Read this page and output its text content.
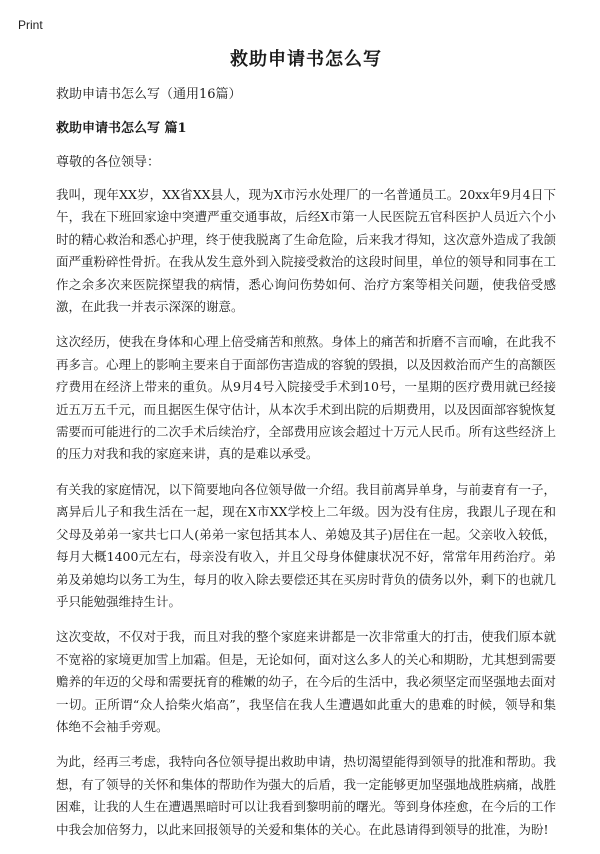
Print
救助申请书怎么写

救助申请书怎么写（通用16篇）

救助申请书怎么写 篇1

尊敬的各位领导：

我叫，现年XX岁，XX省XX县人，现为X市污水处理厂的一名普通员工。20xx年9月4日下午，我在下班回家途中突遭严重交通事故，后经X市第一人民医院五官科医护人员近六个小时的精心救治和悉心护理，终于使我脱离了生命危险，后来我才得知，这次意外造成了我颌面严重粉碎性骨折。在我从发生意外到入院接受救治的这段时间里，单位的领导和同事在工作之余多次来医院探望我的病情，悉心询问伤势如何、治疗方案等相关问题，使我倍受感激，在此我一并表示深深的谢意。

这次经历，使我在身体和心理上倍受痛苦和煎熬。身体上的痛苦和折磨不言而喻，在此我不再多言。心理上的影响主要来自于面部伤害造成的容貌的毁損，以及因救治而产生的高额医疗费用在经济上带来的重负。从9月4号入院接受手术到10号，一星期的医疗费用就已经接近五万五千元，而且据医生保守估计，从本次手术到出院的后期费用，以及因面部容貌恢复需要而可能进行的二次手术后续治疗，全部费用应该会超过十万元人民币。所有这些经济上的压力对我和我的家庭来讲，真的是难以承受。

有关我的家庭情况，以下简要地向各位领导做一介绍。我目前离异单身，与前妻育有一子，离异后儿子和我生活在一起，现在X市XX学校上二年级。因为没有住房，我跟儿子现在和父母及弟弟一家共七口人(弟弟一家包括其本人、弟媳及其子)居住在一起。父亲收入较低，每月大概1400元左右，母亲没有收入，并且父母身体健康状况不好，常常年用药治疗。弟弟及弟媳均以务工为生，每月的收入除去要偿还其在买房时背负的债务以外，剩下的也就几乎只能勉强维持生计。

这次变故，不仅对于我，而且对我的整个家庭来讲都是一次非常重大的打击，使我们原本就不宽裕的家境更加雪上加霜。但是，无论如何，面对这么多人的关心和期盼，尤其想到需要赡养的年迈的父母和需要抚育的稚嫩的幼子，在今后的生活中，我必须坚定而坚强地去面对一切。正所谓“众人拾柴火焰高”，我坚信在我人生遭遇如此重大的患难的时候，领导和集体绝不会袖手旁观。

为此，经再三考虑，我特向各位领导提出救助申请，热切渴望能得到领导的批准和帮助。我想，有了领导的关怀和集体的帮助作为强大的后盾，我一定能够更加坚强地战胜病痛，战胜困难，让我的人生在遭遇黑暗时可以让我看到黎明前的曙光。等到身体痊愈，在今后的工作中我会加倍努力，以此来回报领导的关爱和集体的关心。在此恳请得到领导的批准，为盼!
